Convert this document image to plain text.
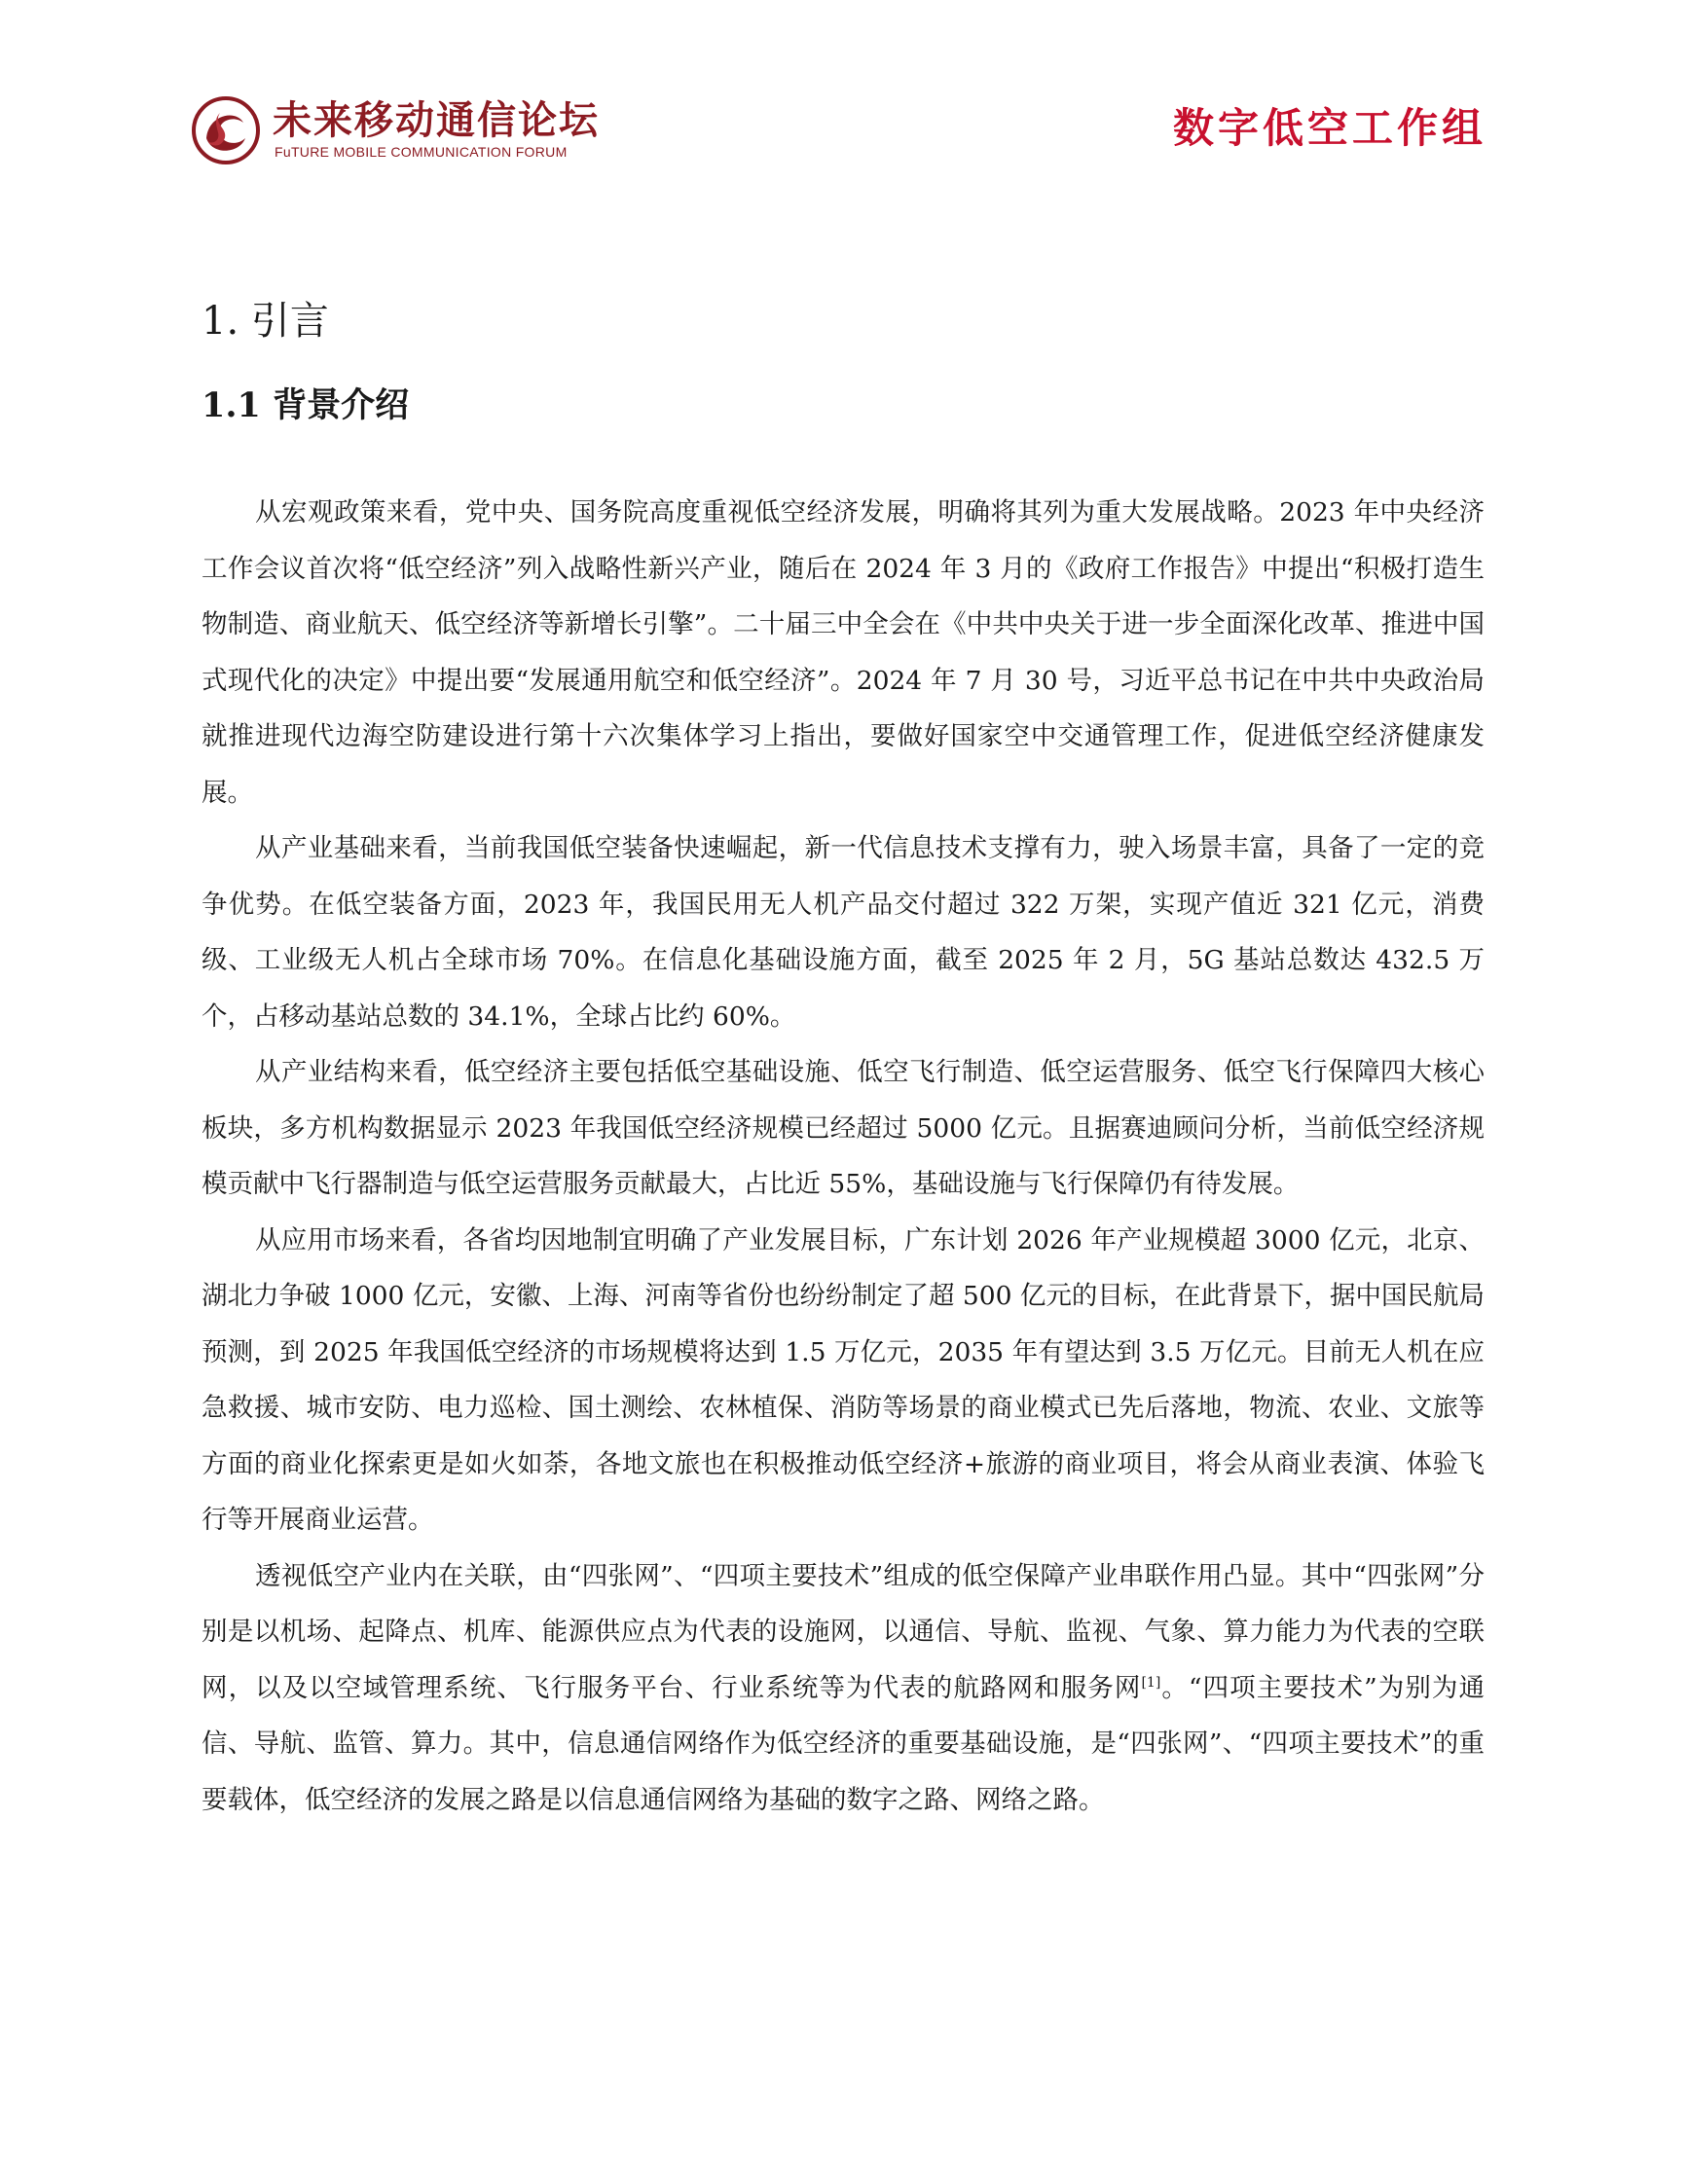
未来移动通信论坛
FuTURE MOBILE COMMUNICATION FORUM	数字低空工作组
1. 引言
1.1 背景介绍

从宏观政策来看，党中央、国务院高度重视低空经济发展，明确将其列为重大发展战略。2023 年中央经济工作会议首次将“低空经济”列入战略性新兴产业，随后在 2024 年 3 月的《政府工作报告》中提出“积极打造生物制造、商业航天、低空经济等新增长引擎”。二十届三中全会在《中共中央关于进一步全面深化改革、推进中国式现代化的决定》中提出要“发展通用航空和低空经济”。2024 年 7 月 30 号，习近平总书记在中共中央政治局就推进现代边海空防建设进行第十六次集体学习上指出，要做好国家空中交通管理工作，促进低空经济健康发展。

从产业基础来看，当前我国低空装备快速崛起，新一代信息技术支撑有力，驶入场景丰富，具备了一定的竞争优势。在低空装备方面，2023 年，我国民用无人机产品交付超过 322 万架，实现产值近 321 亿元，消费级、工业级无人机占全球市场 70%。在信息化基础设施方面，截至 2025 年 2 月，5G 基站总数达 432.5 万个，占移动基站总数的 34.1%，全球占比约 60%。

从产业结构来看，低空经济主要包括低空基础设施、低空飞行制造、低空运营服务、低空飞行保障四大核心板块，多方机构数据显示 2023 年我国低空经济规模已经超过 5000 亿元。且据赛迪顾问分析，当前低空经济规模贡献中飞行器制造与低空运营服务贡献最大，占比近 55%，基础设施与飞行保障仍有待发展。

从应用市场来看，各省均因地制宜明确了产业发展目标，广东计划 2026 年产业规模超 3000 亿元，北京、湖北力争破 1000 亿元，安徽、上海、河南等省份也纷纷制定了超 500 亿元的目标，在此背景下，据中国民航局预测，到 2025 年我国低空经济的市场规模将达到 1.5 万亿元，2035 年有望达到 3.5 万亿元。目前无人机在应急救援、城市安防、电力巡检、国土测绘、农林植保、消防等场景的商业模式已先后落地，物流、农业、文旅等方面的商业化探索更是如火如荼，各地文旅也在积极推动低空经济+旅游的商业项目，将会从商业表演、体验飞行等开展商业运营。

透视低空产业内在关联，由“四张网”、“四项主要技术”组成的低空保障产业串联作用凸显。其中“四张网”分别是以机场、起降点、机库、能源供应点为代表的设施网，以通信、导航、监视、气象、算力能力为代表的空联网，以及以空域管理系统、飞行服务平台、行业系统等为代表的航路网和服务网[1]。“四项主要技术”为别为通信、导航、监管、算力。其中，信息通信网络作为低空经济的重要基础设施，是“四张网”、“四项主要技术”的重要载体，低空经济的发展之路是以信息通信网络为基础的数字之路、网络之路。
